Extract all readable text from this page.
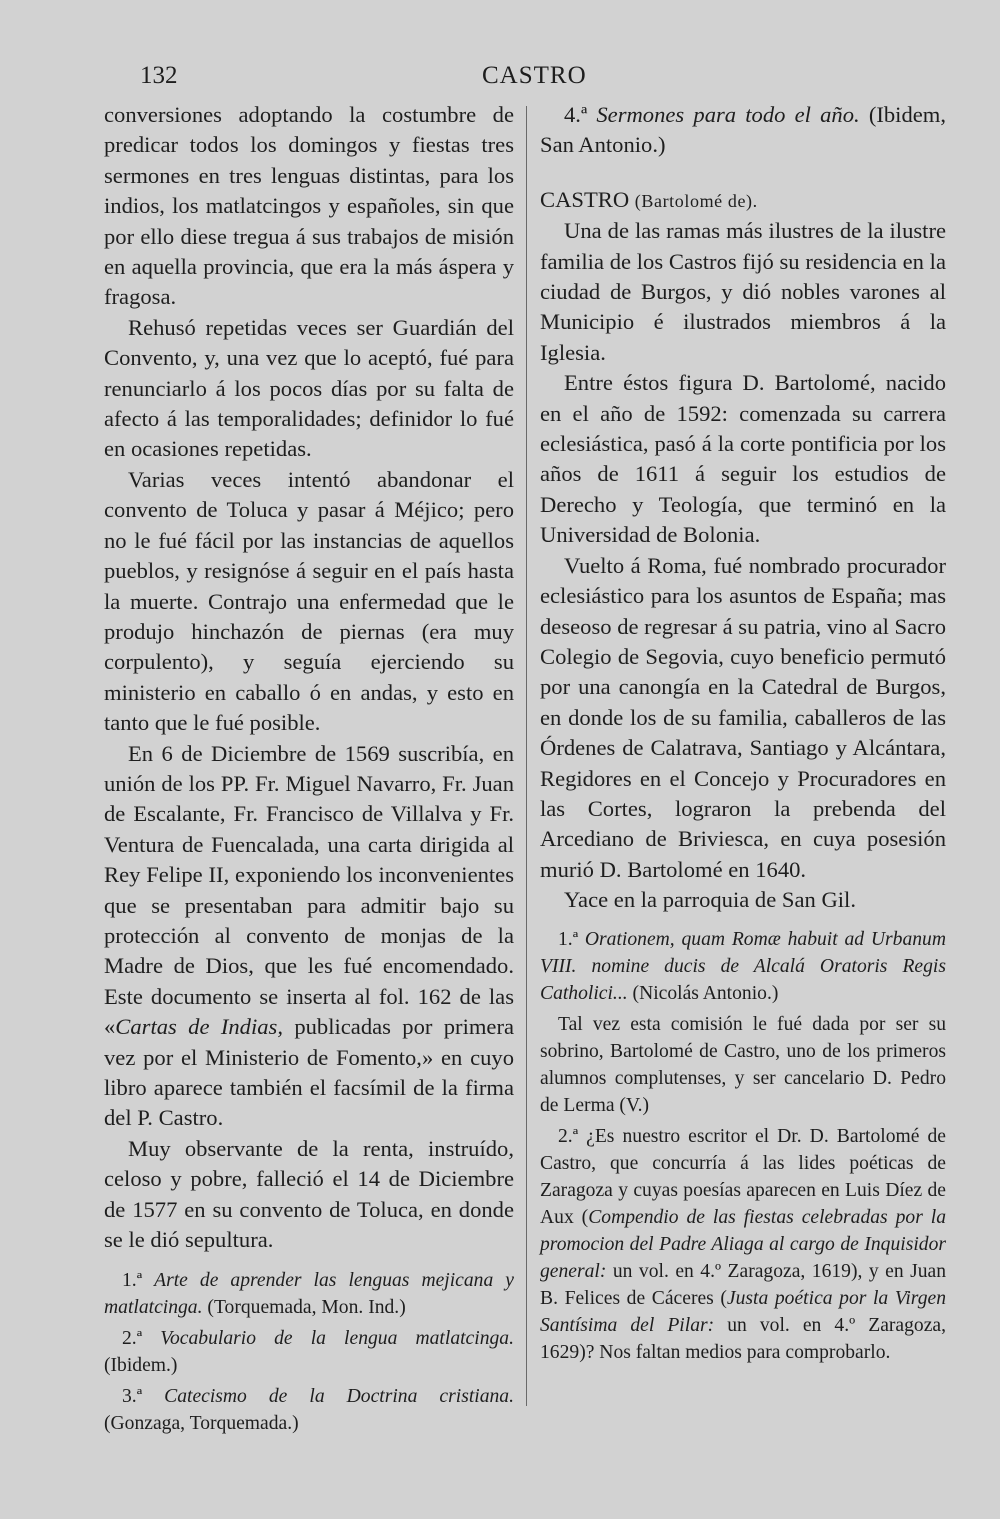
132	CASTRO

conversiones adoptando la costumbre de predicar todos los domingos y fiestas tres sermones en tres lenguas distintas, para los indios, los matlatcingos y españoles, sin que por ello diese tregua á sus trabajos de misión en aquella provincia, que era la más áspera y fragosa.

Rehusó repetidas veces ser Guardián del Convento, y, una vez que lo aceptó, fué para renunciarlo á los pocos días por su falta de afecto á las temporalidades; definidor lo fué en ocasiones repetidas.

Varias veces intentó abandonar el convento de Toluca y pasar á Méjico; pero no le fué fácil por las instancias de aquellos pueblos, y resignóse á seguir en el país hasta la muerte. Contrajo una enfermedad que le produjo hinchazón de piernas (era muy corpulento), y seguía ejerciendo su ministerio en caballo ó en andas, y esto en tanto que le fué posible.

En 6 de Diciembre de 1569 suscribía, en unión de los PP. Fr. Miguel Navarro, Fr. Juan de Escalante, Fr. Francisco de Villalva y Fr. Ventura de Fuencalada, una carta dirigida al Rey Felipe II, exponiendo los inconvenientes que se presentaban para admitir bajo su protección al convento de monjas de la Madre de Dios, que les fué encomendado. Este documento se inserta al fol. 162 de las «Cartas de Indias, publicadas por primera vez por el Ministerio de Fomento,» en cuyo libro aparece también el facsímil de la firma del P. Castro.

Muy observante de la renta, instruído, celoso y pobre, falleció el 14 de Diciembre de 1577 en su convento de Toluca, en donde se le dió sepultura.

1.ª Arte de aprender las lenguas mejicana y matlatcinga. (Torquemada, Mon. Ind.)

2.ª Vocabulario de la lengua matlatcinga. (Ibidem.)

3.ª Catecismo de la Doctrina cristiana. (Gonzaga, Torquemada.)

4.ª Sermones para todo el año. (Ibidem, San Antonio.)

CASTRO (Bartolomé de).

Una de las ramas más ilustres de la ilustre familia de los Castros fijó su residencia en la ciudad de Burgos, y dió nobles varones al Municipio é ilustrados miembros á la Iglesia.

Entre éstos figura D. Bartolomé, nacido en el año de 1592: comenzada su carrera eclesiástica, pasó á la corte pontificia por los años de 1611 á seguir los estudios de Derecho y Teología, que terminó en la Universidad de Bolonia.

Vuelto á Roma, fué nombrado procurador eclesiástico para los asuntos de España; mas deseoso de regresar á su patria, vino al Sacro Colegio de Segovia, cuyo beneficio permutó por una canongía en la Catedral de Burgos, en donde los de su familia, caballeros de las Órdenes de Calatrava, Santiago y Alcántara, Regidores en el Concejo y Procuradores en las Cortes, lograron la prebenda del Arcediano de Briviesca, en cuya posesión murió D. Bartolomé en 1640.

Yace en la parroquia de San Gil.

1.ª Orationem, quam Romæ habuit ad Urbanum VIII. nomine ducis de Alcalá Oratoris Regis Catholici... (Nicolás Antonio.)

Tal vez esta comisión le fué dada por ser su sobrino, Bartolomé de Castro, uno de los primeros alumnos complutenses, y ser cancelario D. Pedro de Lerma (V.)

2.ª ¿Es nuestro escritor el Dr. D. Bartolomé de Castro, que concurría á las lides poéticas de Zaragoza y cuyas poesías aparecen en Luis Díez de Aux (Compendio de las fiestas celebradas por la promocion del Padre Aliaga al cargo de Inquisidor general: un vol. en 4.º Zaragoza, 1619), y en Juan B. Felices de Cáceres (Justa poética por la Virgen Santísima del Pilar: un vol. en 4.º Zaragoza, 1629)? Nos faltan medios para comprobarlo.
